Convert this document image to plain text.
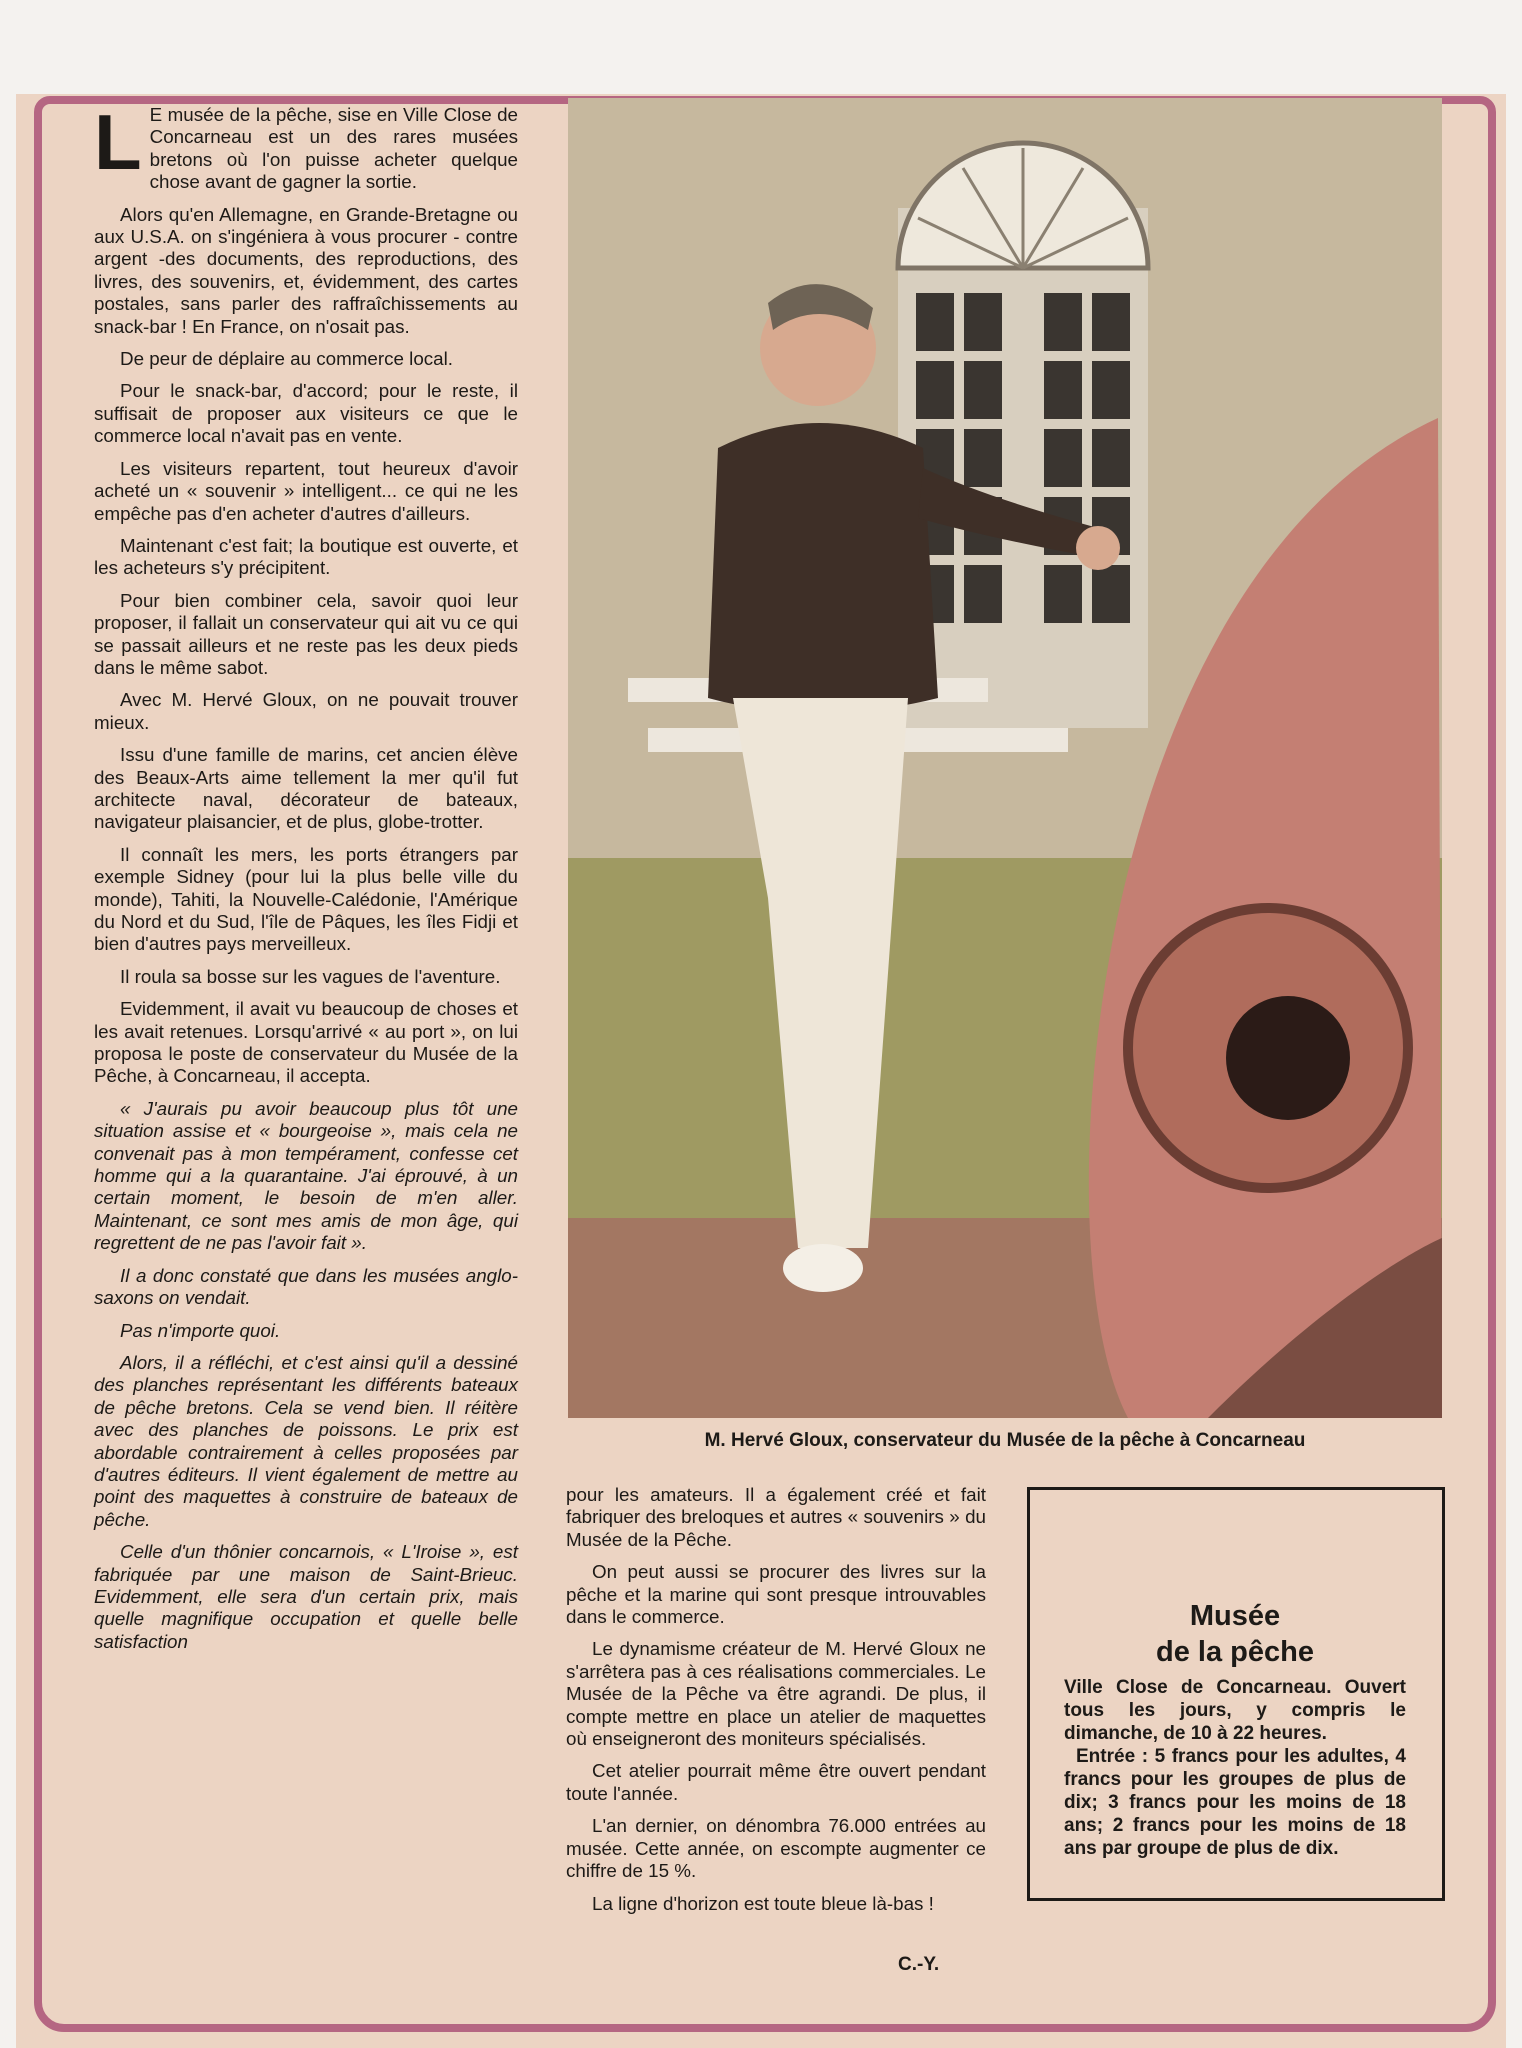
L E musée de la pêche, sise en Ville Close de Concarneau est un des rares musées bretons où l'on puisse acheter quelque chose avant de gagner la sortie.

Alors qu'en Allemagne, en Grande-Bretagne ou aux U.S.A. on s'ingéniera à vous procurer - contre argent -des documents, des reproductions, des livres, des souvenirs, et, évidemment, des cartes postales, sans parler des raffraîchissements au snack-bar ! En France, on n'osait pas.

De peur de déplaire au commerce local.

Pour le snack-bar, d'accord; pour le reste, il suffisait de proposer aux visiteurs ce que le commerce local n'avait pas en vente.

Les visiteurs repartent, tout heureux d'avoir acheté un « souvenir » intelligent... ce qui ne les empêche pas d'en acheter d'autres d'ailleurs.

Maintenant c'est fait; la boutique est ouverte, et les acheteurs s'y précipitent.

Pour bien combiner cela, savoir quoi leur proposer, il fallait un conservateur qui ait vu ce qui se passait ailleurs et ne reste pas les deux pieds dans le même sabot.

Avec M. Hervé Gloux, on ne pouvait trouver mieux.

Issu d'une famille de marins, cet ancien élève des Beaux-Arts aime tellement la mer qu'il fut architecte naval, décorateur de bateaux, navigateur plaisancier, et de plus, globe-trotter.

Il connaît les mers, les ports étrangers par exemple Sidney (pour lui la plus belle ville du monde), Tahiti, la Nouvelle-Calédonie, l'Amérique du Nord et du Sud, l'île de Pâques, les îles Fidji et bien d'autres pays merveilleux.

Il roula sa bosse sur les vagues de l'aventure.

Evidemment, il avait vu beaucoup de choses et les avait retenues. Lorsqu'arrivé « au port », on lui proposa le poste de conservateur du Musée de la Pêche, à Concarneau, il accepta.

« J'aurais pu avoir beaucoup plus tôt une situation assise et « bourgeoise », mais cela ne convenait pas à mon tempérament, confesse cet homme qui a la quarantaine. J'ai éprouvé, à un certain moment, le besoin de m'en aller. Maintenant, ce sont mes amis de mon âge, qui regrettent de ne pas l'avoir fait ».

Il a donc constaté que dans les musées anglo-saxons on vendait.

Pas n'importe quoi.

Alors, il a réfléchi, et c'est ainsi qu'il a dessiné des planches représentant les différents bateaux de pêche bretons. Cela se vend bien. Il réitère avec des planches de poissons. Le prix est abordable contrairement à celles proposées par d'autres éditeurs. Il vient également de mettre au point des maquettes à construire de bateaux de pêche.

Celle d'un thônier concarnois, « L'Iroise », est fabriquée par une maison de Saint-Brieuc. Evidemment, elle sera d'un certain prix, mais quelle magnifique occupation et quelle belle satisfaction

M. Hervé Gloux, conservateur du Musée de la pêche à Concarneau

pour les amateurs. Il a également créé et fait fabriquer des breloques et autres « souvenirs » du Musée de la Pêche.

On peut aussi se procurer des livres sur la pêche et la marine qui sont presque introuvables dans le commerce.

Le dynamisme créateur de M. Hervé Gloux ne s'arrêtera pas à ces réalisations commerciales. Le Musée de la Pêche va être agrandi. De plus, il compte mettre en place un atelier de maquettes où enseigneront des moniteurs spécialisés.

Cet atelier pourrait même être ouvert pendant toute l'année.

L'an dernier, on dénombra 76.000 entrées au musée. Cette année, on escompte augmenter ce chiffre de 15 %.

La ligne d'horizon est toute bleue là-bas !

Musée
de la pêche

Ville Close de Concarneau. Ouvert tous les jours, y compris le dimanche, de 10 à 22 heures.

Entrée : 5 francs pour les adultes, 4 francs pour les groupes de plus de dix; 3 francs pour les moins de 18 ans; 2 francs pour les moins de 18 ans par groupe de plus de dix.

C.-Y.
